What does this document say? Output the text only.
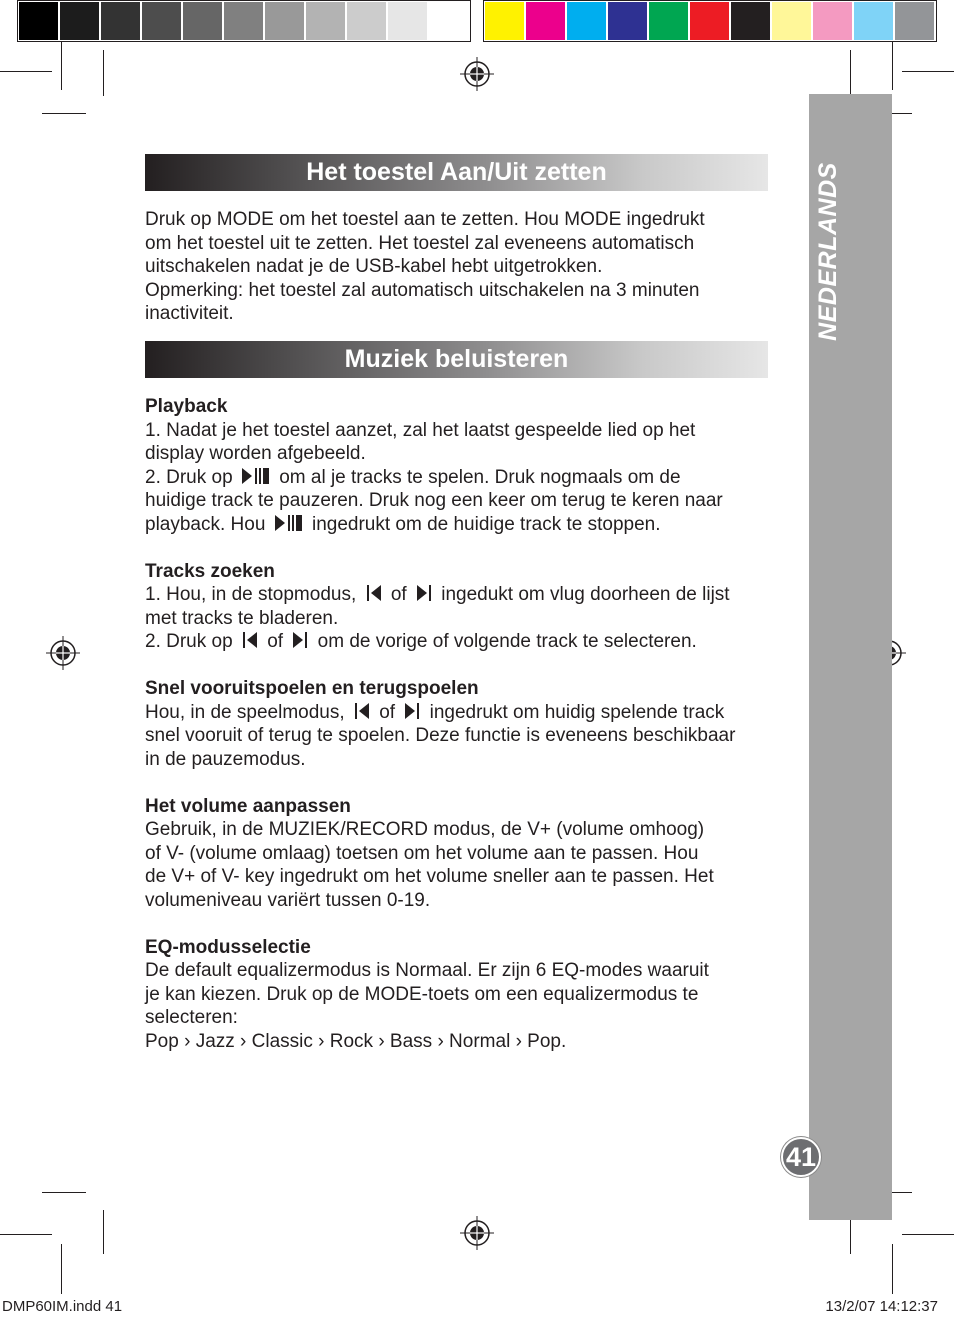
NEDERLANDS
41
Het toestel Aan/Uit zetten

Druk op MODE om het toestel aan te zetten. Hou MODE ingedrukt

om het toestel uit te zetten. Het toestel zal eveneens automatisch

uitschakelen nadat je de USB-kabel hebt uitgetrokken.

Opmerking: het toestel zal automatisch uitschakelen na 3 minuten

inactiviteit.

Muziek beluisteren

Playback

1. Nadat je het toestel aanzet, zal het laatst gespeelde lied op het

display worden afgebeeld.

2. Druk op om al je tracks te spelen. Druk nogmaals om de

huidige track te pauzeren. Druk nog een keer om terug te keren naar

playback. Hou ingedrukt om de huidige track te stoppen.

Tracks zoeken

1. Hou, in de stopmodus, of ingedukt om vlug doorheen de lijst

met tracks te bladeren.

2. Druk op of om de vorige of volgende track te selecteren.

Snel vooruitspoelen en terugspoelen

Hou, in de speelmodus, of ingedrukt om huidig spelende track

snel vooruit of terug te spoelen. Deze functie is eveneens beschikbaar

in de pauzemodus.

Het volume aanpassen

Gebruik, in de MUZIEK/RECORD modus, de V+ (volume omhoog)

of V- (volume omlaag) toetsen om het volume aan te passen. Hou

de V+ of V- key ingedrukt om het volume sneller aan te passen. Het

volumeniveau variërt tussen 0-19.

EQ-modusselectie

De default equalizermodus is Normaal. Er zijn 6 EQ-modes waaruit

je kan kiezen. Druk op de MODE-toets om een equalizermodus te

selecteren:

Pop › Jazz › Classic › Rock › Bass › Normal › Pop.

DMP60IM.indd 41	13/2/07 14:12:37
